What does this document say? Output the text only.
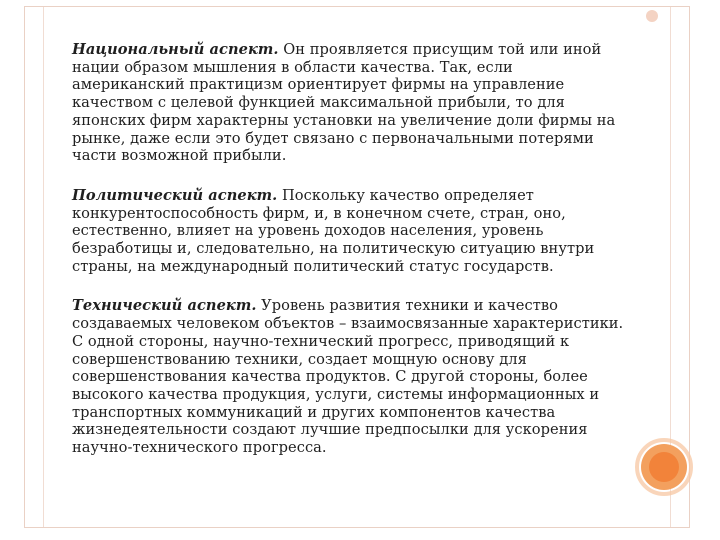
Национальный аспект. Он проявляется присущим той или иной
нации образом мышления в области качества. Так, если
американский практицизм ориентирует фирмы на управление
качеством с целевой функцией максимальной прибыли, то для
японских фирм характерны установки на увеличение доли фирмы на
рынке, даже если это будет связано с первоначальными потерями
части возможной прибыли.

Политический аспект. Поскольку качество определяет
конкурентоспособность фирм, и, в конечном счете, стран, оно,
естественно, влияет на уровень доходов населения, уровень
безработицы и, следовательно, на политическую ситуацию внутри
страны, на международный политический статус государств.

Технический аспект. Уровень развития техники и качество
создаваемых человеком объектов – взаимосвязанные характеристики.
С одной стороны, научно-технический прогресс, приводящий к
совершенствованию техники, создает мощную основу для
совершенствования качества продуктов. С другой стороны, более
высокого качества продукция, услуги, системы информационных и
транспортных коммуникаций и других компонентов качества
жизнедеятельности создают лучшие предпосылки для ускорения
научно-технического прогресса.
